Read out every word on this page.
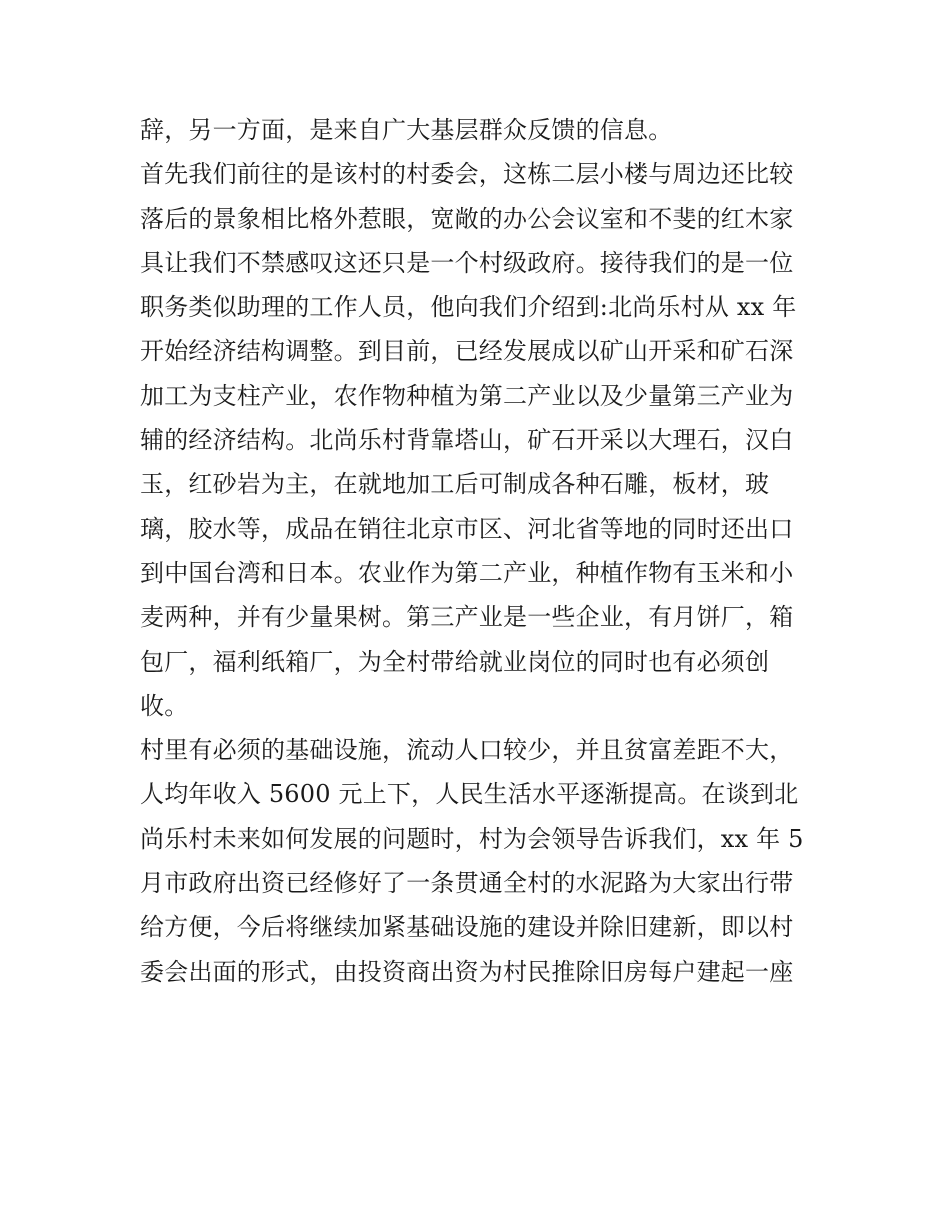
辞，另一方面，是来自广大基层群众反馈的信息。
首先我们前往的是该村的村委会，这栋二层小楼与周边还比较
落后的景象相比格外惹眼，宽敞的办公会议室和不斐的红木家
具让我们不禁感叹这还只是一个村级政府。接待我们的是一位
职务类似助理的工作人员，他向我们介绍到:北尚乐村从 xx 年
开始经济结构调整。到目前，已经发展成以矿山开采和矿石深
加工为支柱产业，农作物种植为第二产业以及少量第三产业为
辅的经济结构。北尚乐村背靠塔山，矿石开采以大理石，汉白
玉，红砂岩为主，在就地加工后可制成各种石雕，板材，玻
璃，胶水等，成品在销往北京市区、河北省等地的同时还出口
到中国台湾和日本。农业作为第二产业，种植作物有玉米和小
麦两种，并有少量果树。第三产业是一些企业，有月饼厂，箱
包厂，福利纸箱厂，为全村带给就业岗位的同时也有必须创
收。
村里有必须的基础设施，流动人口较少，并且贫富差距不大，
人均年收入 5600 元上下，人民生活水平逐渐提高。在谈到北
尚乐村未来如何发展的问题时，村为会领导告诉我们，xx 年 5
月市政府出资已经修好了一条贯通全村的水泥路为大家出行带
给方便，今后将继续加紧基础设施的建设并除旧建新，即以村
委会出面的形式，由投资商出资为村民推除旧房每户建起一座
